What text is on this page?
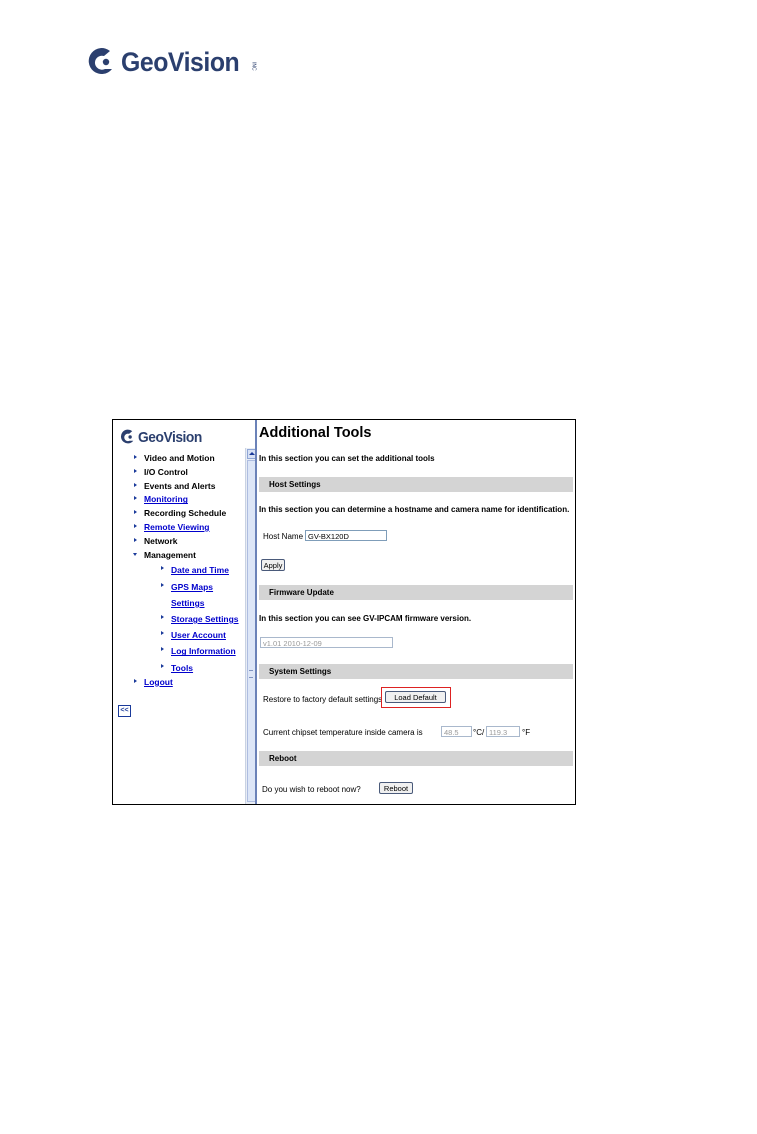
GeoVision INC
GeoVision
Video and Motion
I/O Control
Events and Alerts
Monitoring
Recording Schedule
Remote Viewing
Network
Management
Date and Time
GPS Maps
Settings
Storage Settings
User Account
Log Information
Tools
Logout
<<
Additional Tools
In this section you can set the additional tools
Host Settings
In this section you can determine a hostname and camera name for identification.
Host Name GV-BX120D
Apply
Firmware Update
In this section you can see GV-IPCAM firmware version.
v1.01 2010-12-09
System Settings
Restore to factory default settings	Load Default
Current chipset temperature inside camera is	48.5	°C/ 119.3	°F
Reboot
Do you wish to reboot now?	Reboot
